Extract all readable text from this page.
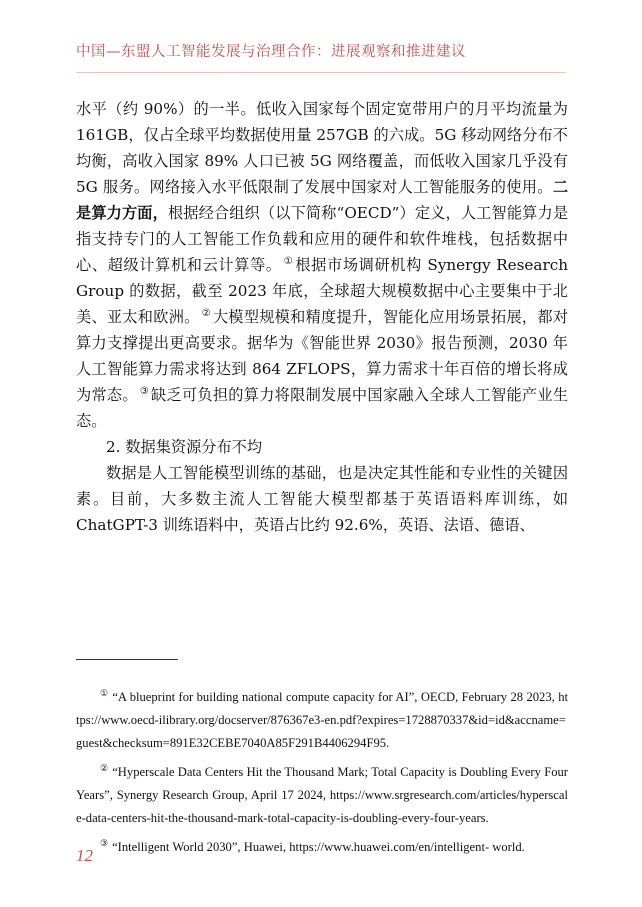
中国—东盟人工智能发展与治理合作：进展观察和推进建议

水平（约 90%）的一半。低收入国家每个固定宽带用户的月平均流量为 161GB，仅占全球平均数据使用量 257GB 的六成。5G 移动网络分布不均衡，高收入国家 89% 人口已被 5G 网络覆盖，而低收入国家几乎没有 5G 服务。网络接入水平低限制了发展中国家对人工智能服务的使用。二是算力方面，根据经合组织（以下简称“OECD”）定义，人工智能算力是指支持专门的人工智能工作负载和应用的硬件和软件堆栈，包括数据中心、超级计算机和云计算等。 ① 根据市场调研机构 Synergy Research Group 的数据，截至 2023 年底，全球超大规模数据中心主要集中于北美、亚太和欧洲。 ② 大模型规模和精度提升，智能化应用场景拓展，都对算力支撑提出更高要求。据华为《智能世界 2030》报告预测，2030 年人工智能算力需求将达到 864 ZFLOPS，算力需求十年百倍的增长将成为常态。 ③ 缺乏可负担的算力将限制发展中国家融入全球人工智能产业生态。

2. 数据集资源分布不均

数据是人工智能模型训练的基础，也是决定其性能和专业性的关键因素。目前，大多数主流人工智能大模型都基于英语语料库训练，如 ChatGPT-3 训练语料中，英语占比约 92.6%，英语、法语、德语、

① “A blueprint for building national compute capacity for AI”, OECD, February 28 2023, https://www.oecd-ilibrary.org/docserver/876367e3-en.pdf?expires=1728870337&id=id&accname=guest&checksum=891E32CEBE7040A85F291B4406294F95.

② “Hyperscale Data Centers Hit the Thousand Mark; Total Capacity is Doubling Every Four Years”, Synergy Research Group, April 17 2024, https://www.srgresearch.com/articles/hyperscale-data-centers-hit-the-thousand-mark-total-capacity-is-doubling-every-four-years.

③ “Intelligent World 2030”, Huawei, https://www.huawei.com/en/intelligent- world.

12
